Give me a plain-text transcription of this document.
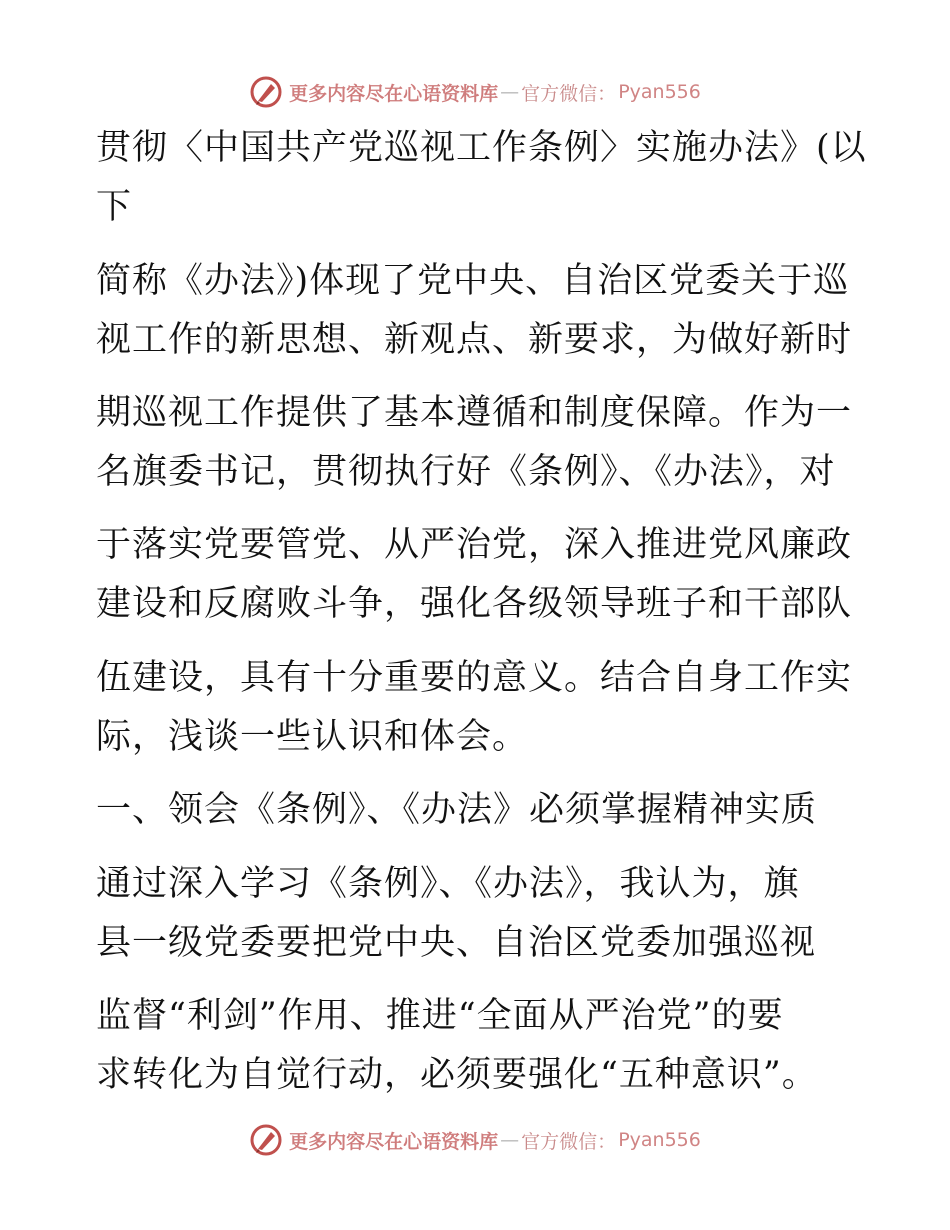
更多内容尽在心语资料库 — 官方微信 ： Pyan556
贯彻〈中国共产党巡视工作条例〉实施办法》(以
下
简称《办法》)体现了党中央、自治区党委关于巡
视工作的新思想、新观点、新要求，为做好新时
期巡视工作提供了基本遵循和制度保障。作为一
名旗委书记，贯彻执行好《条例》、《办法》，对
于落实党要管党、从严治党，深入推进党风廉政
建设和反腐败斗争，强化各级领导班子和干部队
伍建设，具有十分重要的意义。结合自身工作实
际，浅谈一些认识和体会。
一、领会《条例》、《办法》必须掌握精神实质
通过深入学习《条例》、《办法》，我认为，旗
县一级党委要把党中央、自治区党委加强巡视
监督“利剑”作用、推进“全面从严治党”的要
求转化为自觉行动，必须要强化“五种意识”。
更多内容尽在心语资料库 — 官方微信 ： Pyan556
